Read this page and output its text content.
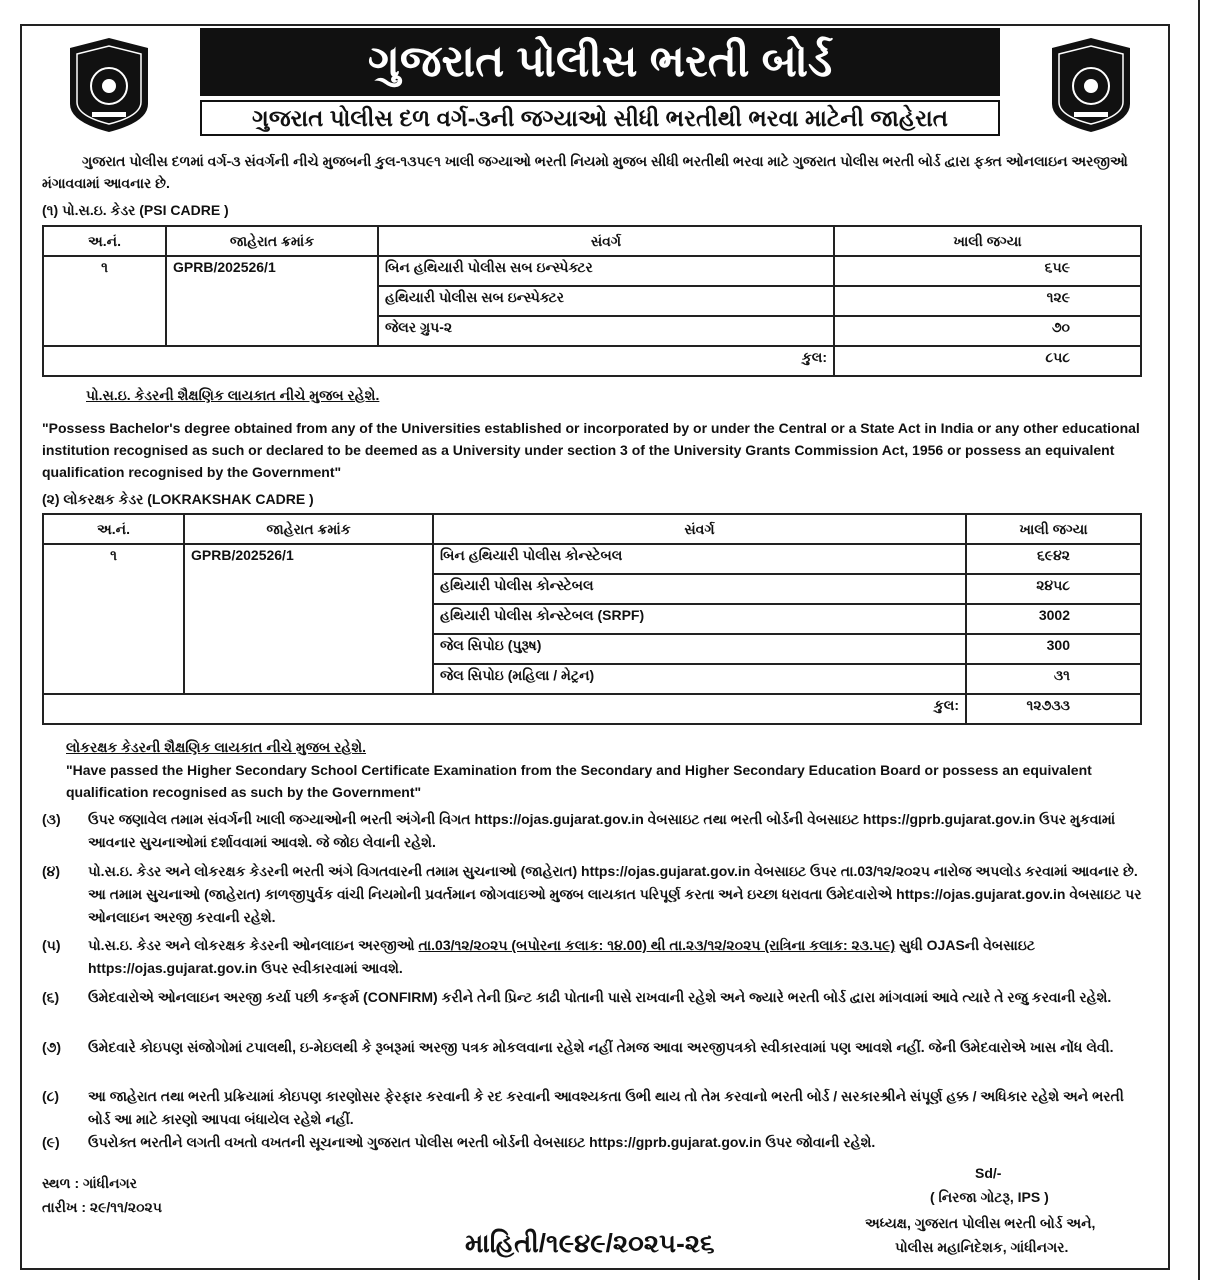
ગુજરાત પોલીસ ભરતી બોર્ડ
ગુજરાત પોલીસ દળ વર્ગ-૩ની જગ્યાઓ સીધી ભરતીથી ભરવા માટેની જાહેરાત
ગુજરાત પોલીસ દળમાં વર્ગ-૩ સંવર્ગની નીચે મુજબની કુલ-૧૩૫૯૧ ખાલી જગ્યાઓ ભરતી નિયમો મુજબ સીધી ભરતીથી ભરવા માટે ગુજરાત પોલીસ ભરતી બોર્ડ દ્વારા ફક્ત ઓનલાઇન અરજીઓ મંગાવવામાં આવનાર છે.
(૧) પો.સ.ઇ. કેડર (PSI CADRE )
અ.નં.	જાહેરાત ક્રમાંક	સંવર્ગ	ખાલી જગ્યા
૧	GPRB/202526/1	બિન હથિયારી પોલીસ સબ ઇન્સ્પેક્ટર	૬૫૯
		હથિયારી પોલીસ સબ ઇન્સ્પેક્ટર	૧૨૯
		જેલર ગ્રુપ-૨	૭૦
કુલ:			૮૫૮
પો.સ.ઇ. કેડરની શૈક્ષણિક લાયકાત નીચે મુજબ રહેશે.
"Possess Bachelor's degree obtained from any of the Universities established or incorporated by or under the Central or a State Act in India or any other educational institution recognised as such or declared to be deemed as a University under section 3 of the University Grants Commission Act, 1956 or possess an equivalent qualification recognised by the Government"
(૨) લોકરક્ષક કેડર (LOKRAKSHAK CADRE )
અ.નં.	જાહેરાત ક્રમાંક	સંવર્ગ	ખાલી જગ્યા
૧	GPRB/202526/1	બિન હથિયારી પોલીસ કોન્સ્ટેબલ	૬૯૪૨
		હથિયારી પોલીસ કોન્સ્ટેબલ	૨૪૫૮
		હથિયારી પોલીસ કોન્સ્ટેબલ (SRPF)	3002
		જેલ સિપોઇ (પુરૂષ)	300
		જેલ સિપોઇ (મહિલા / મેટ્રન)	૩૧
કુલ:			૧૨૭૩૩
લોકરક્ષક કેડરની શૈક્ષણિક લાયકાત નીચે મુજબ રહેશે.
"Have passed the Higher Secondary School Certificate Examination from the Secondary and Higher Secondary Education Board or possess an equivalent qualification recognised as such by the Government"
(૩)	ઉપર જણાવેલ તમામ સંવર્ગની ખાલી જગ્યાઓની ભરતી અંગેની વિગત https://ojas.gujarat.gov.in વેબસાઇટ તથા ભરતી બોર્ડની વેબસાઇટ https://gprb.gujarat.gov.in ઉપર મુકવામાં આવનાર સુચનાઓમાં દર્શાવવામાં આવશે. જે જોઇ લેવાની રહેશે.
(૪)	પો.સ.ઇ. કેડર અને લોકરક્ષક કેડરની ભરતી અંગે વિગતવારની તમામ સુચનાઓ (જાહેરાત) https://ojas.gujarat.gov.in વેબસાઇટ ઉપર તા.03/૧૨/૨૦૨૫ નારોજ અપલોડ કરવામાં આવનાર છે. આ તમામ સુચનાઓ (જાહેરાત) કાળજીપુર્વક વાંચી નિયમોની પ્રવર્તમાન જોગવાઇઓ મુજબ લાયકાત પરિપૂર્ણ કરતા અને ઇચ્છા ધરાવતા ઉમેદવારોએ https://ojas.gujarat.gov.in વેબસાઇટ પર ઓનલાઇન અરજી કરવાની રહેશે.
(૫)	પો.સ.ઇ. કેડર અને લોકરક્ષક કેડરની ઓનલાઇન અરજીઓ તા.03/૧૨/૨૦૨૫ (બપોરના કલાક: ૧૪.00) થી તા.૨૩/૧૨/૨૦૨૫ (રાત્રિના કલાક: ૨૩.૫૯) સુધી OJASની વેબસાઇટ https://ojas.gujarat.gov.in ઉપર સ્વીકારવામાં આવશે.
(૬)	ઉમેદવારોએ ઓનલાઇન અરજી કર્યા પછી કન્ફર્મ (CONFIRM) કરીને તેની પ્રિન્ટ કાઢી પોતાની પાસે રાખવાની રહેશે અને જ્યારે ભરતી બોર્ડ દ્વારા માંગવામાં આવે ત્યારે તે રજુ કરવાની રહેશે.
(૭)	ઉમેદવારે કોઇપણ સંજોગોમાં ટપાલથી, ઇ-મેઇલથી કે રૂબરૂમાં અરજી પત્રક મોકલવાના રહેશે નહીં તેમજ આવા અરજીપત્રકો સ્વીકારવામાં પણ આવશે નહીં. જેની ઉમેદવારોએ ખાસ નોંધ લેવી.
(૮)	આ જાહેરાત તથા ભરતી પ્રક્રિયામાં કોઇપણ કારણોસર ફેરફાર કરવાની કે રદ કરવાની આવશ્યકતા ઉભી થાય તો તેમ કરવાનો ભરતી બોર્ડ / સરકારશ્રીને સંપૂર્ણ હક્ક / અધિકાર રહેશે અને ભરતી બોર્ડ આ માટે કારણો આપવા બંધાયેલ રહેશે નહીં.
(૯)	ઉપરોક્ત ભરતીને લગતી વખતો વખતની સૂચનાઓ ગુજરાત પોલીસ ભરતી બોર્ડની વેબસાઇટ https://gprb.gujarat.gov.in ઉપર જોવાની રહેશે.
સ્થળ : ગાંધીનગર
તારીખ : ૨૯/૧૧/૨૦૨૫
Sd/-
( નિરજા ગોટરૂ, IPS )
અધ્યક્ષ, ગુજરાત પોલીસ ભરતી બોર્ડ અને,
પોલીસ મહાનિદેશક, ગાંધીનગર.
માહિતી/૧૯૪૯/૨૦૨૫-૨૬
